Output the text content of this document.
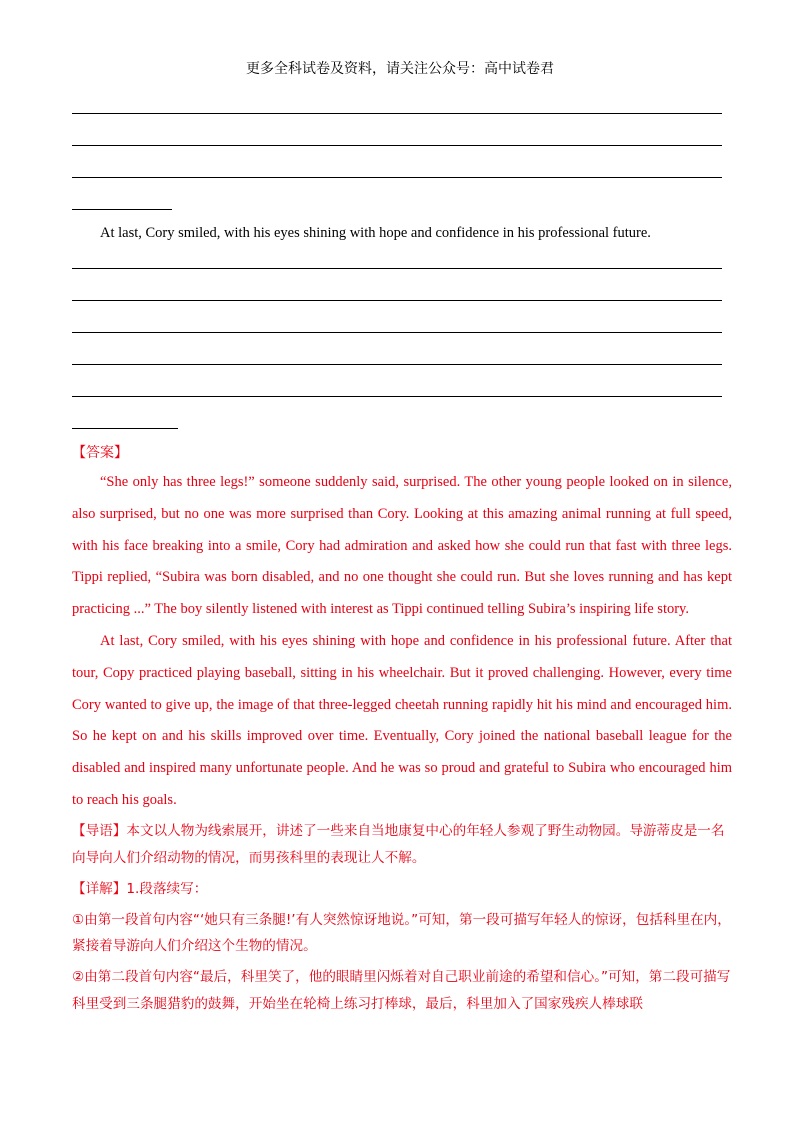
更多全科试卷及资料，请关注公众号：高中试卷君
At last, Cory smiled, with his eyes shining with hope and confidence in his professional future.
【答案】

“She only has three legs!” someone suddenly said, surprised. The other young people looked on in silence, also surprised, but no one was more surprised than Cory. Looking at this amazing animal running at full speed, with his face breaking into a smile, Cory had admiration and asked how she could run that fast with three legs. Tippi replied, “Subira was born disabled, and no one thought she could run. But she loves running and has kept practicing ...” The boy silently listened with interest as Tippi continued telling Subira’s inspiring life story.

At last, Cory smiled, with his eyes shining with hope and confidence in his professional future. After that tour, Copy practiced playing baseball, sitting in his wheelchair. But it proved challenging. However, every time Cory wanted to give up, the image of that three-legged cheetah running rapidly hit his mind and encouraged him. So he kept on and his skills improved over time. Eventually, Cory joined the national baseball league for the disabled and inspired many unfortunate people. And he was so proud and grateful to Subira who encouraged him to reach his goals.

【导语】本文以人物为线索展开，讲述了一些来自当地康复中心的年轻人参观了野生动物园。导游蒂皮是一名向导向人们介绍动物的情况，而男孩科里的表现让人不解。

【详解】1.段落续写：

①由第一段首句内容“‘她只有三条腿!’有人突然惊讶地说。”可知，第一段可描写年轻人的惊讶，包括科里在内，紧接着导游向人们介绍这个生物的情况。

②由第二段首句内容“最后，科里笑了，他的眼睛里闪烁着对自己职业前途的希望和信心。”可知，第二段可描写科里受到三条腿猎豹的鼓舞，开始坐在轮椅上练习打棒球，最后，科里加入了国家残疾人棒球联
